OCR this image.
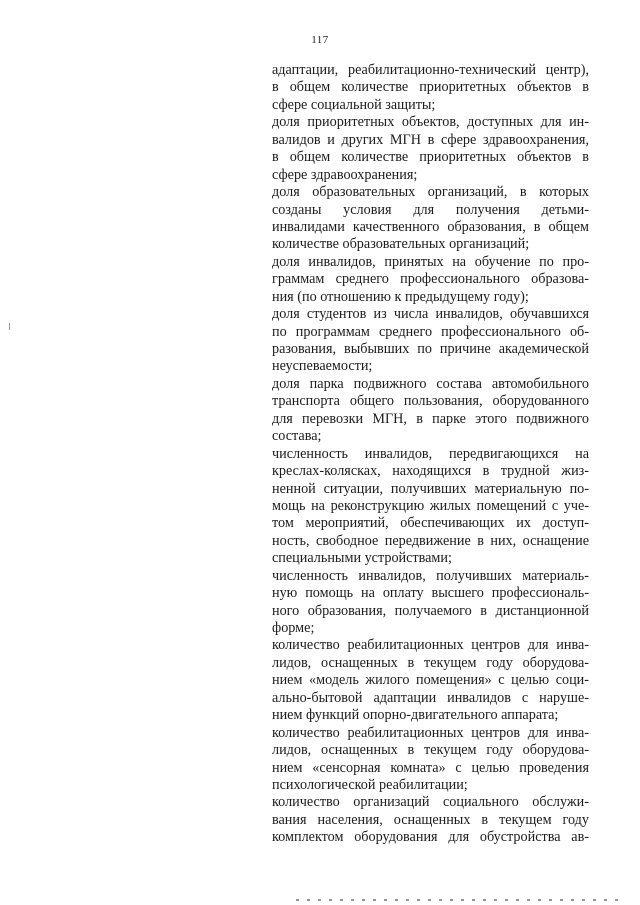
117
адаптации, реабилитационно-технический центр),
в общем количестве приоритетных объектов в
сфере социальной защиты;
доля приоритетных объектов, доступных для ин-
валидов и других МГН в сфере здравоохранения,
в общем количестве приоритетных объектов в
сфере здравоохранения;
доля образовательных организаций, в которых
созданы условия для получения детьми-
инвалидами качественного образования, в общем
количестве образовательных организаций;
доля инвалидов, принятых на обучение по про-
граммам среднего профессионального образова-
ния (по отношению к предыдущему году);
доля студентов из числа инвалидов, обучавшихся
по программам среднего профессионального об-
разования, выбывших по причине академической
неуспеваемости;
доля парка подвижного состава автомобильного
транспорта общего пользования, оборудованного
для перевозки МГН, в парке этого подвижного
состава;
численность инвалидов, передвигающихся на
креслах-колясках, находящихся в трудной жиз-
ненной ситуации, получивших материальную по-
мощь на реконструкцию жилых помещений с уче-
том мероприятий, обеспечивающих их доступ-
ность, свободное передвижение в них, оснащение
специальными устройствами;
численность инвалидов, получивших материаль-
ную помощь на оплату высшего профессиональ-
ного образования, получаемого в дистанционной
форме;
количество реабилитационных центров для инва-
лидов, оснащенных в текущем году оборудова-
нием «модель жилого помещения» с целью соци-
ально-бытовой адаптации инвалидов с наруше-
нием функций опорно-двигательного аппарата;
количество реабилитационных центров для инва-
лидов, оснащенных в текущем году оборудова-
нием «сенсорная комната» с целью проведения
психологической реабилитации;
количество организаций социального обслужи-
вания населения, оснащенных в текущем году
комплектом оборудования для обустройства ав-
